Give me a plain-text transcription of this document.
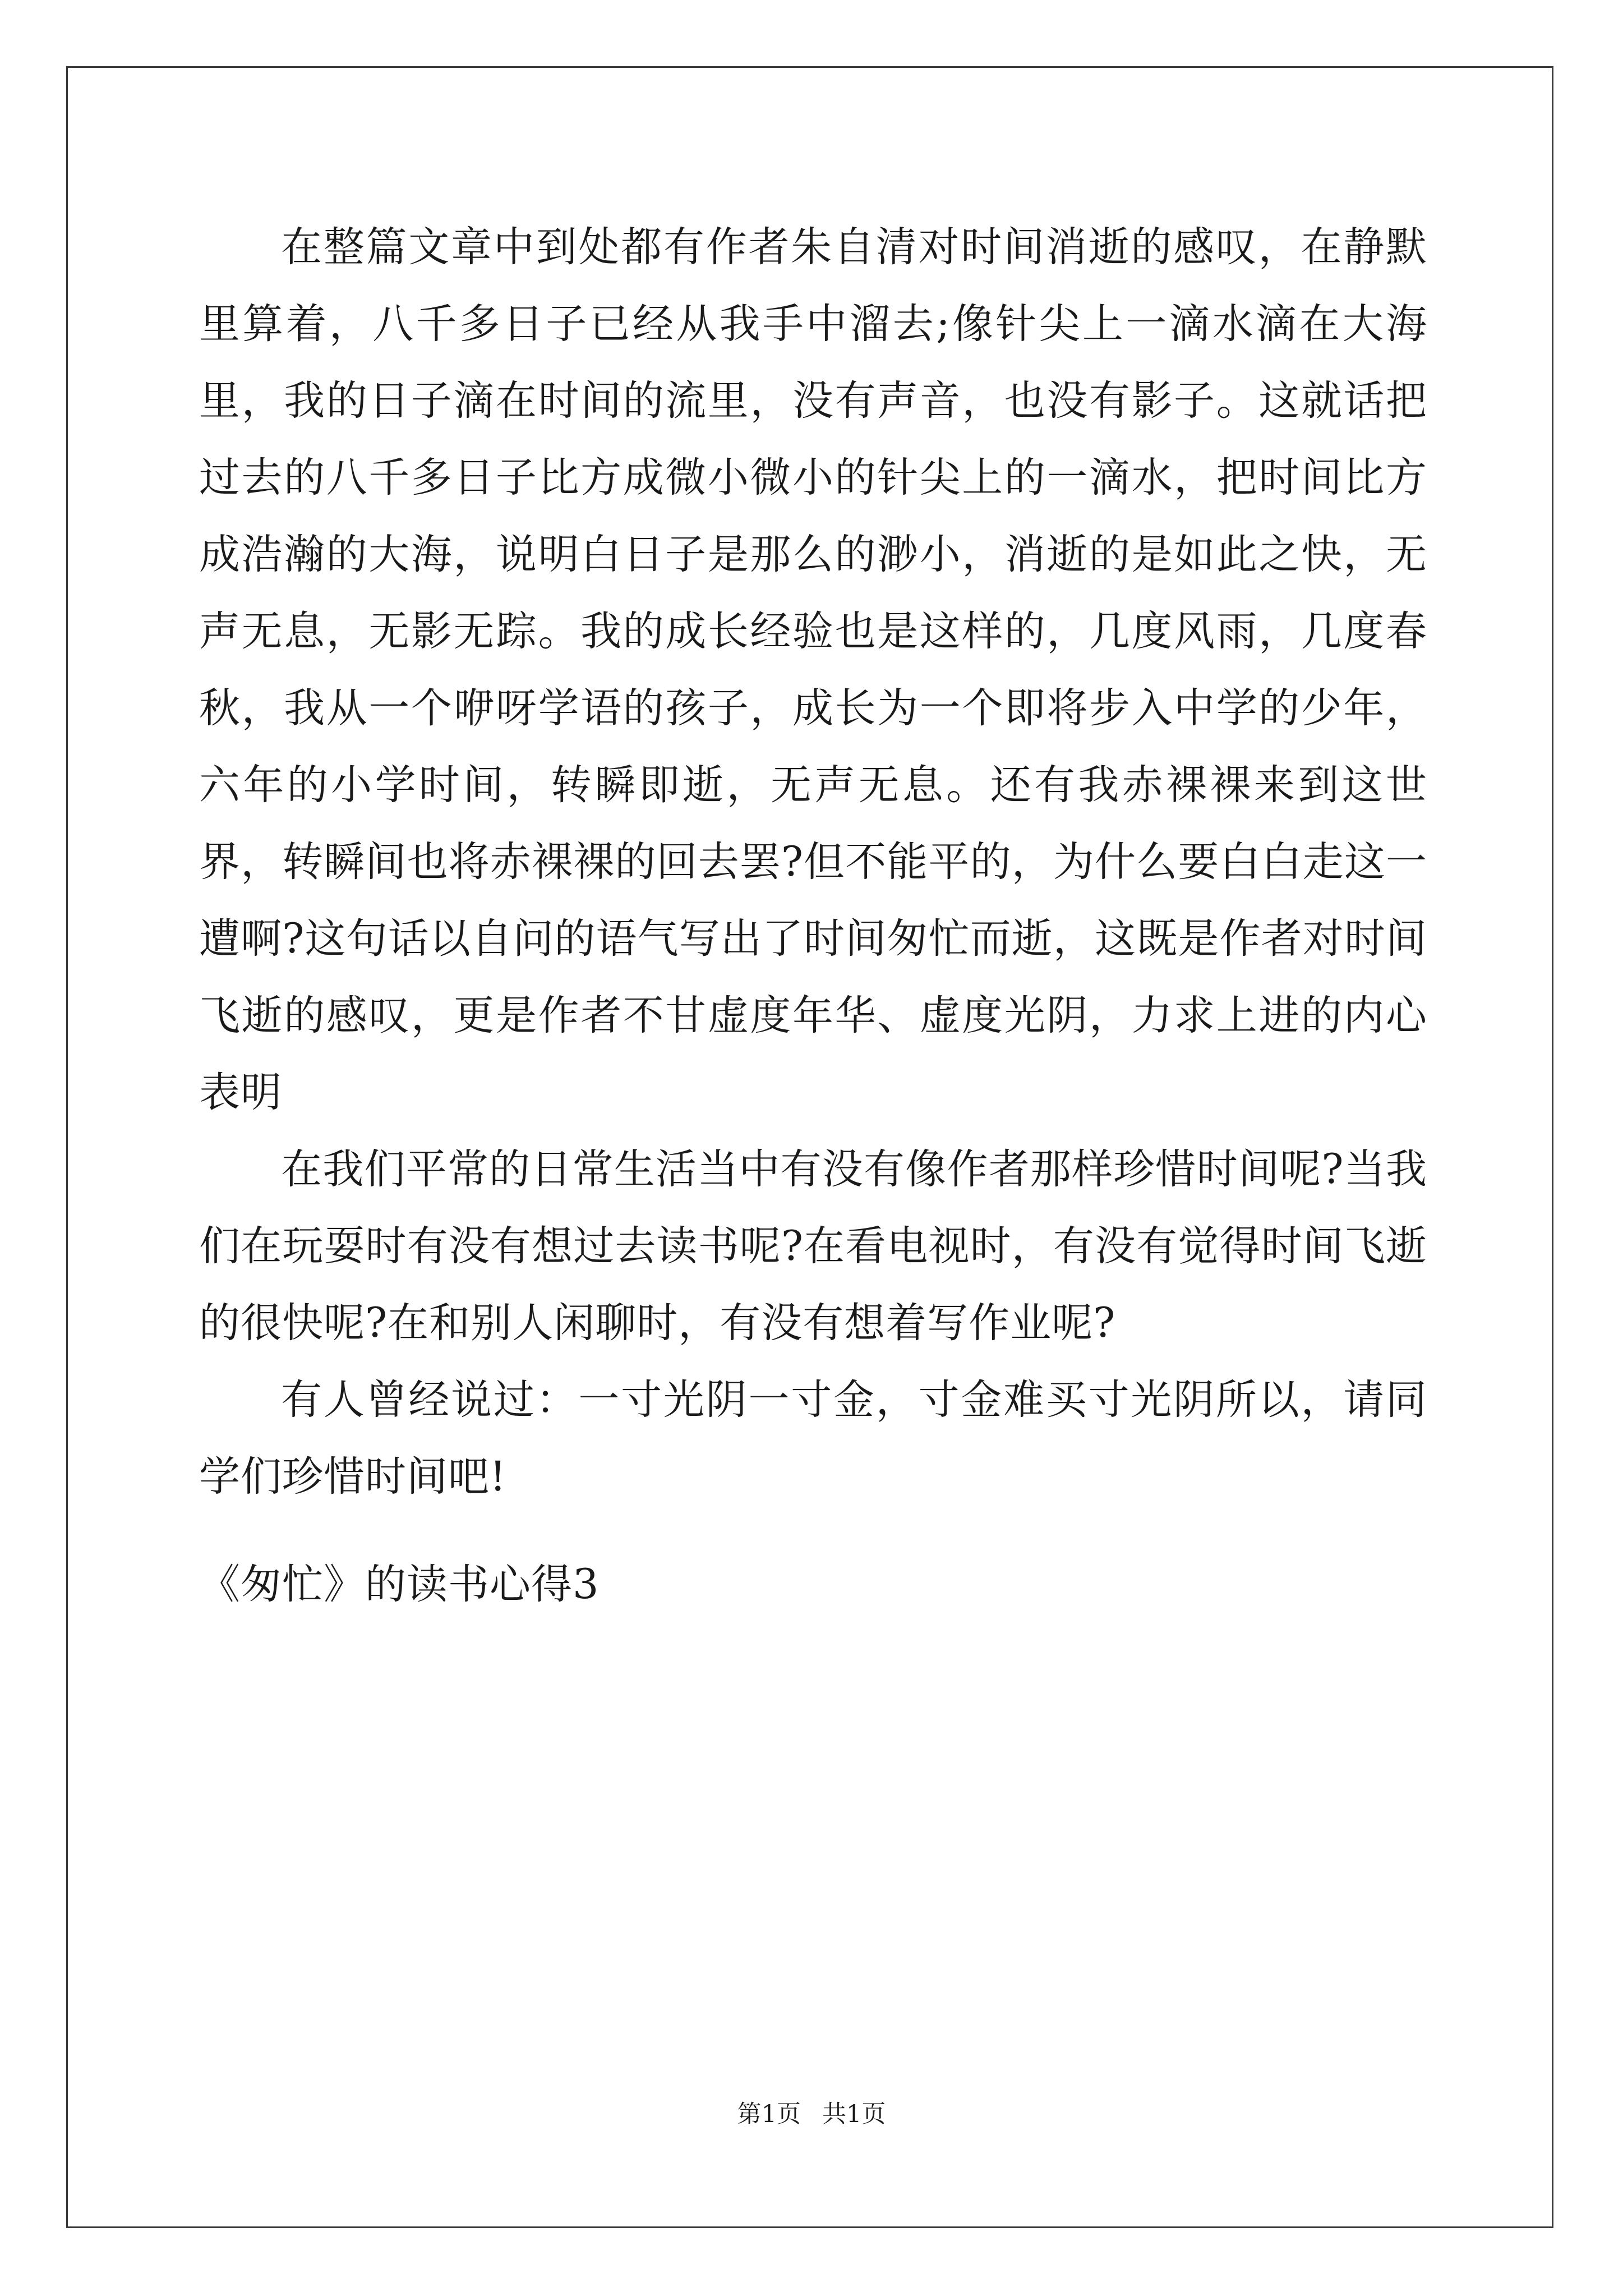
在整篇文章中到处都有作者朱自清对时间消逝的感叹，在静默里算着，八千多日子已经从我手中溜去;像针尖上一滴水滴在大海里，我的日子滴在时间的流里，没有声音，也没有影子。这就话把过去的八千多日子比方成微小微小的针尖上的一滴水，把时间比方成浩瀚的大海，说明白日子是那么的渺小，消逝的是如此之快，无声无息，无影无踪。我的成长经验也是这样的，几度风雨，几度春秋，我从一个咿呀学语的孩子，成长为一个即将步入中学的少年，六年的小学时间，转瞬即逝，无声无息。还有我赤裸裸来到这世界，转瞬间也将赤裸裸的回去罢?但不能平的，为什么要白白走这一遭啊?这句话以自问的语气写出了时间匆忙而逝，这既是作者对时间飞逝的感叹，更是作者不甘虚度年华、虚度光阴，力求上进的内心表明

在我们平常的日常生活当中有没有像作者那样珍惜时间呢?当我们在玩耍时有没有想过去读书呢?在看电视时，有没有觉得时间飞逝的很快呢?在和别人闲聊时，有没有想着写作业呢?

有人曾经说过：一寸光阴一寸金，寸金难买寸光阴所以，请同学们珍惜时间吧!

《匆忙》的读书心得3

第1页 共1页
